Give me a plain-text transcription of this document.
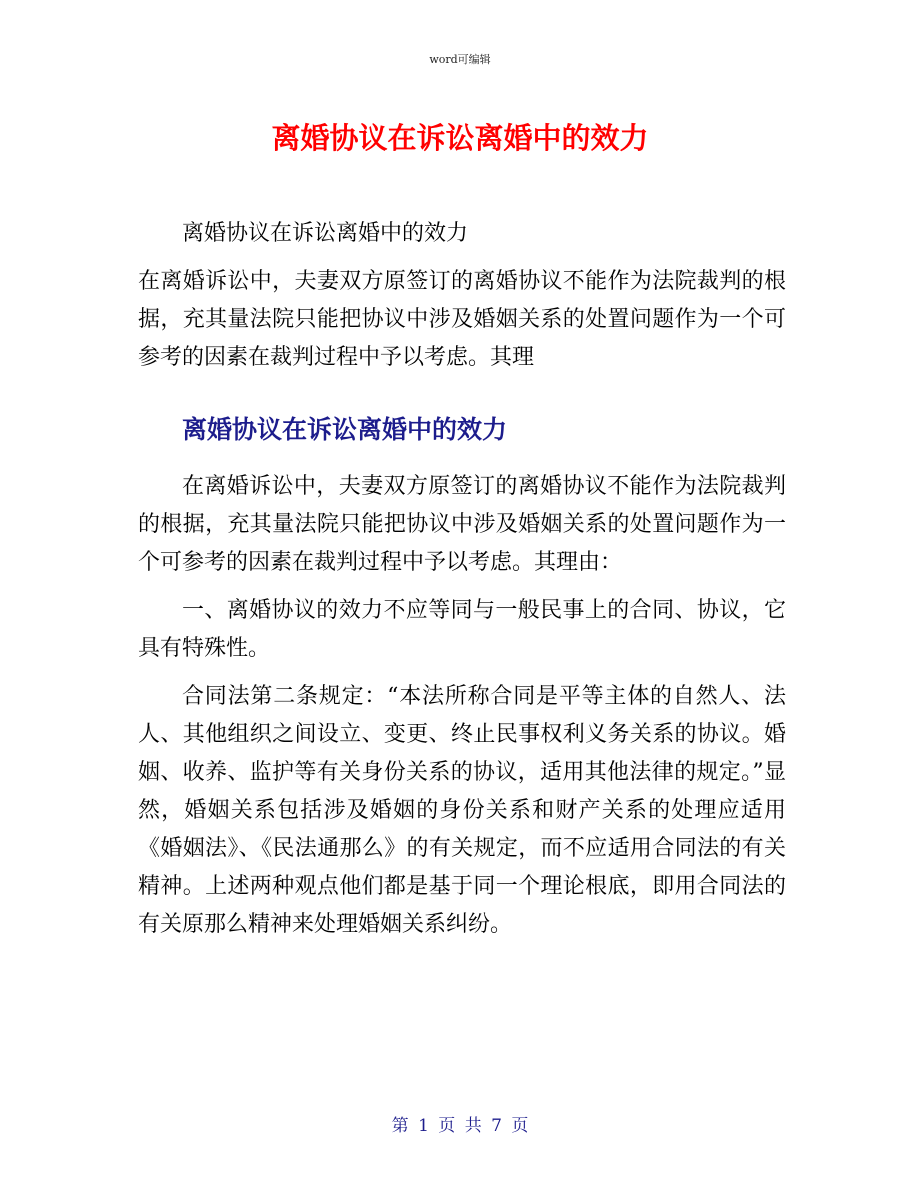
word可编辑
离婚协议在诉讼离婚中的效力

离婚协议在诉讼离婚中的效力

在离婚诉讼中，夫妻双方原签订的离婚协议不能作为法院裁判的根据，充其量法院只能把协议中涉及婚姻关系的处置问题作为一个可参考的因素在裁判过程中予以考虑。其理

离婚协议在诉讼离婚中的效力

在离婚诉讼中，夫妻双方原签订的离婚协议不能作为法院裁判的根据，充其量法院只能把协议中涉及婚姻关系的处置问题作为一个可参考的因素在裁判过程中予以考虑。其理由：

一、离婚协议的效力不应等同与一般民事上的合同、协议，它具有特殊性。

合同法第二条规定：“本法所称合同是平等主体的自然人、法人、其他组织之间设立、变更、终止民事权利义务关系的协议。婚姻、收养、监护等有关身份关系的协议，适用其他法律的规定。”显然，婚姻关系包括涉及婚姻的身份关系和财产关系的处理应适用《婚姻法》、《民法通那么》的有关规定，而不应适用合同法的有关精神。上述两种观点他们都是基于同一个理论根底，即用合同法的有关原那么精神来处理婚姻关系纠纷。

第 1 页 共 7 页
